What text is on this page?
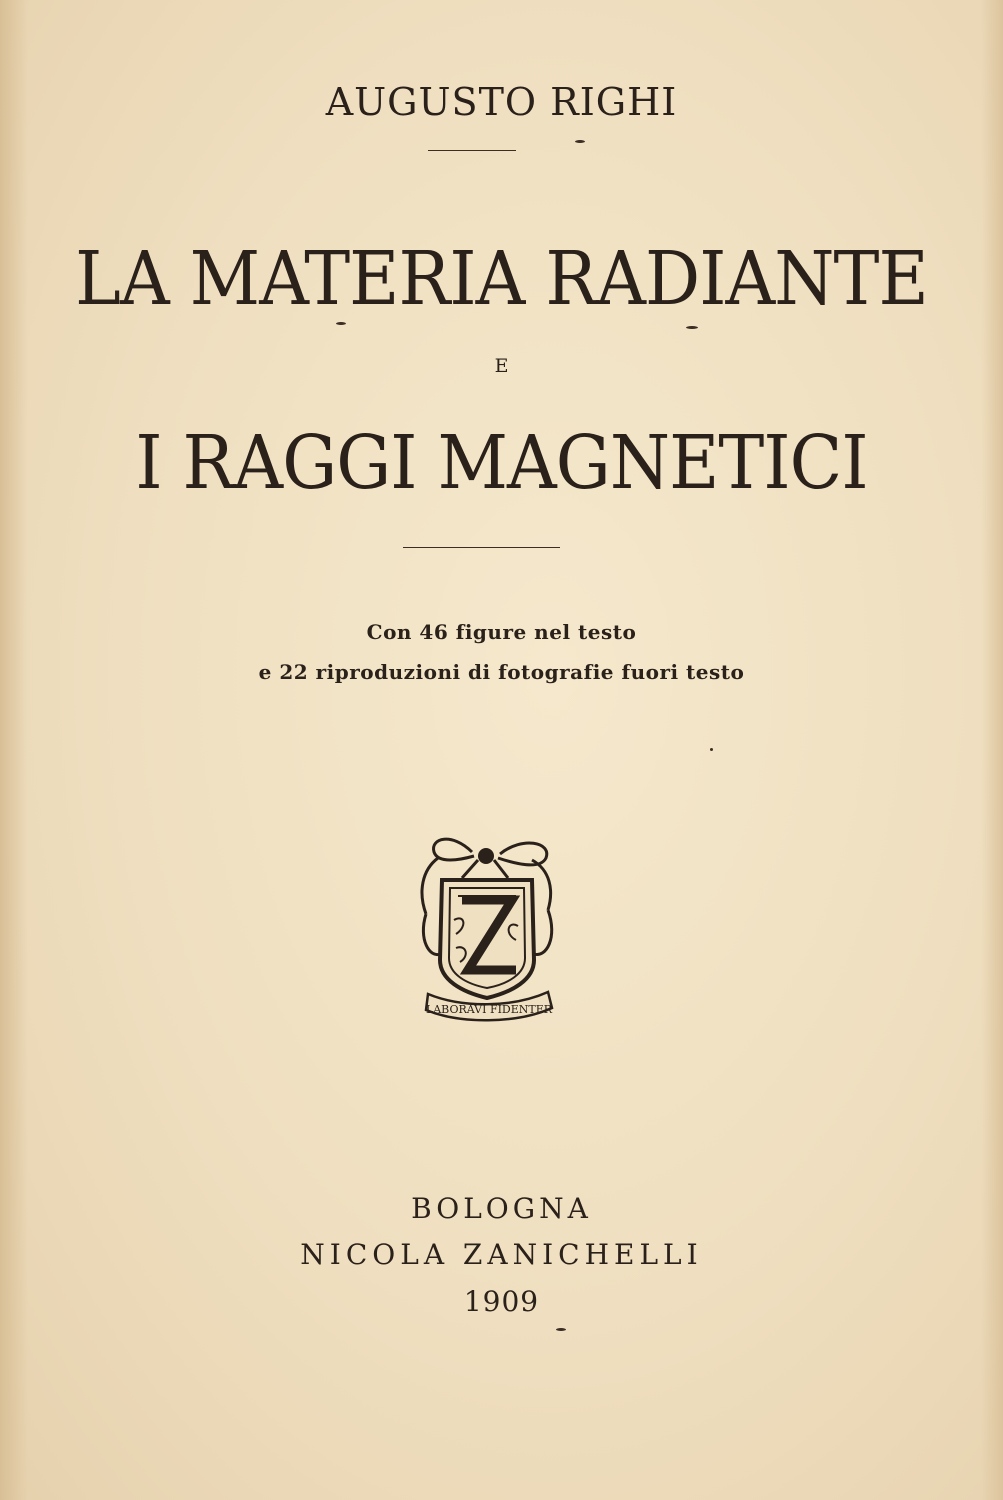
AUGUSTO RIGHI
LA MATERIA RADIANTE
E
I RAGGI MAGNETICI
Con 46 figure nel testo
e 22 riproduzioni di fotografie fuori testo
LABORAVI FIDENTER
BOLOGNA
NICOLA ZANICHELLI
1909
